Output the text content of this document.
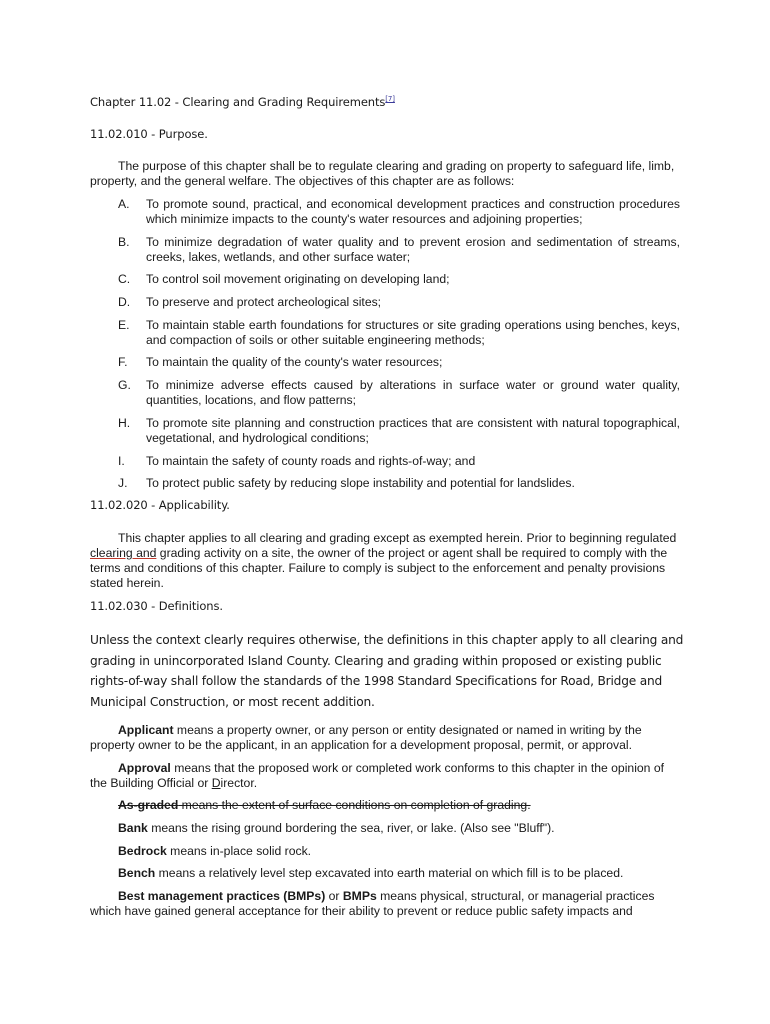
Chapter 11.02 - Clearing and Grading Requirements[7]
11.02.010 - Purpose.
The purpose of this chapter shall be to regulate clearing and grading on property to safeguard life, limb, property, and the general welfare. The objectives of this chapter are as follows:
A.	To promote sound, practical, and economical development practices and construction procedures which minimize impacts to the county's water resources and adjoining properties;
B.	To minimize degradation of water quality and to prevent erosion and sedimentation of streams, creeks, lakes, wetlands, and other surface water;
C.	To control soil movement originating on developing land;
D.	To preserve and protect archeological sites;
E.	To maintain stable earth foundations for structures or site grading operations using benches, keys, and compaction of soils or other suitable engineering methods;
F.	To maintain the quality of the county's water resources;
G.	To minimize adverse effects caused by alterations in surface water or ground water quality, quantities, locations, and flow patterns;
H.	To promote site planning and construction practices that are consistent with natural topographical, vegetational, and hydrological conditions;
I.	To maintain the safety of county roads and rights-of-way; and
J.	To protect public safety by reducing slope instability and potential for landslides.
11.02.020 - Applicability.
This chapter applies to all clearing and grading except as exempted herein. Prior to beginning regulated clearing and grading activity on a site, the owner of the project or agent shall be required to comply with the terms and conditions of this chapter. Failure to comply is subject to the enforcement and penalty provisions stated herein.
11.02.030 - Definitions.
Unless the context clearly requires otherwise, the definitions in this chapter apply to all clearing and grading in unincorporated Island County. Clearing and grading within proposed or existing public rights-of-way shall follow the standards of the 1998 Standard Specifications for Road, Bridge and Municipal Construction, or most recent addition.
Applicant means a property owner, or any person or entity designated or named in writing by the property owner to be the applicant, in an application for a development proposal, permit, or approval.
Approval means that the proposed work or completed work conforms to this chapter in the opinion of the Building Official or Director.
As-graded means the extent of surface conditions on completion of grading.
Bank means the rising ground bordering the sea, river, or lake. (Also see "Bluff").
Bedrock means in-place solid rock.
Bench means a relatively level step excavated into earth material on which fill is to be placed.
Best management practices (BMPs) or BMPs means physical, structural, or managerial practices which have gained general acceptance for their ability to prevent or reduce public safety impacts and
